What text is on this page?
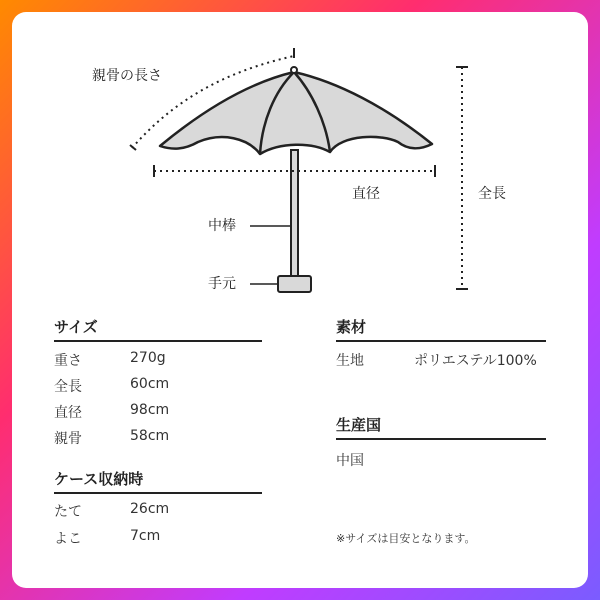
親骨の長さ
直径	全長
中棒
手元
サイズ
重さ	270g
全長	60cm
直径	98cm
親骨	58cm
ケース収納時
たて	26cm
よこ	7cm
素材
生地	ポリエステル100%
生産国
中国
※サイズは目安となります。
